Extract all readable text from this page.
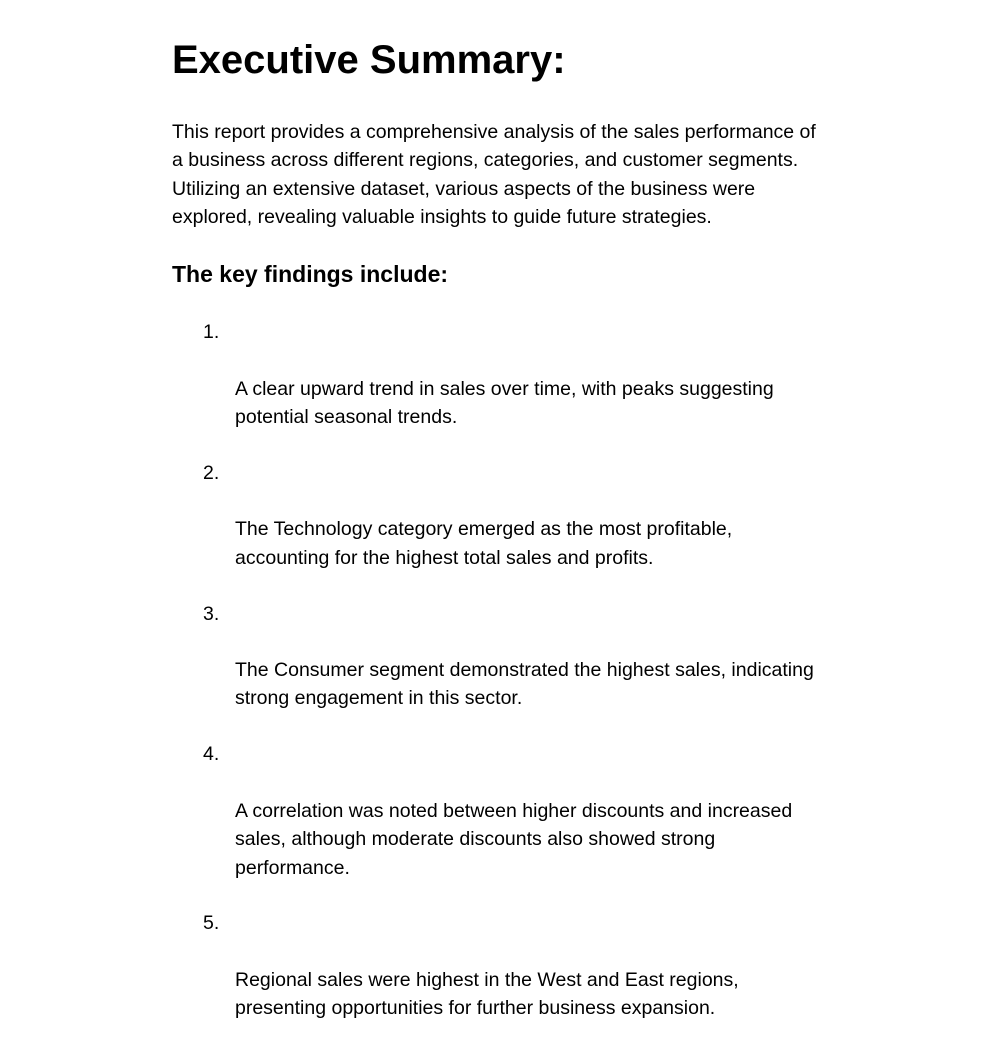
Executive Summary:

This report provides a comprehensive analysis of the sales performance of
a business across different regions, categories, and customer segments.
Utilizing an extensive dataset, various aspects of the business were
explored, revealing valuable insights to guide future strategies.

The key findings include:

1.

A clear upward trend in sales over time, with peaks suggesting
potential seasonal trends.

2.

The Technology category emerged as the most profitable,
accounting for the highest total sales and profits.

3.

The Consumer segment demonstrated the highest sales, indicating
strong engagement in this sector.

4.

A correlation was noted between higher discounts and increased
sales, although moderate discounts also showed strong
performance.

5.

Regional sales were highest in the West and East regions,
presenting opportunities for further business expansion.
